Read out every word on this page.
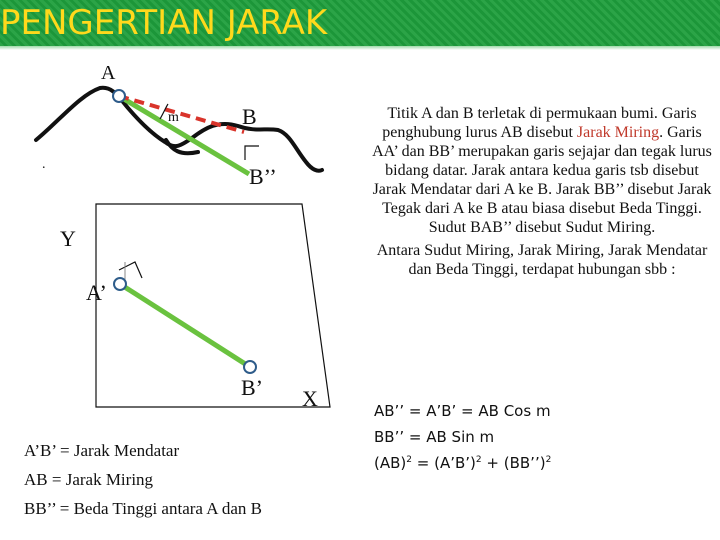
PENGERTIAN JARAK
A
B
B’’
Y
A’
B’ X
m
.

Titik A dan B terletak di permukaan bumi. Garis penghubung lurus AB disebut Jarak Miring. Garis AA’ dan BB’ merupakan garis sejajar dan tegak lurus bidang datar. Jarak antara kedua garis tsb disebut Jarak Mendatar dari A ke B. Jarak BB’’ disebut Jarak Tegak dari A ke B atau biasa disebut Beda Tinggi. Sudut BAB’’ disebut Sudut Miring.

Antara Sudut Miring, Jarak Miring, Jarak Mendatar dan Beda Tinggi, terdapat hubungan sbb :

AB’’ = A’B’ = AB Cos m
BB’’ = AB Sin m
(AB)$^2$ = (A’B’)$^2$ + (BB’’)$^2$
A’B’ = Jarak Mendatar
AB = Jarak Miring
BB’’ = Beda Tinggi antara A dan B
